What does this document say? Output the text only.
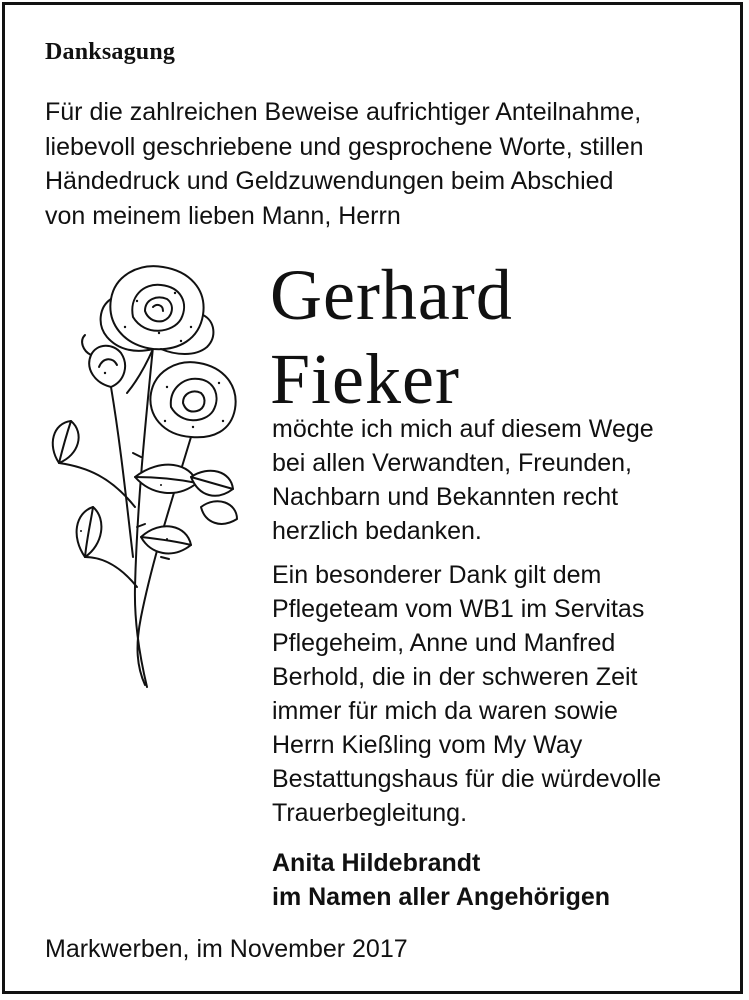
Danksagung
Für die zahlreichen Beweise aufrichtiger Anteilnahme,
liebevoll geschriebene und gesprochene Worte, stillen
Händedruck und Geldzuwendungen beim Abschied
von meinem lieben Mann, Herrn
Gerhard
Fieker
möchte ich mich auf diesem Wege
bei allen Verwandten, Freunden,
Nachbarn und Bekannten recht
herzlich bedanken.
Ein besonderer Dank gilt dem
Pflegeteam vom WB1 im Servitas
Pflegeheim, Anne und Manfred
Berhold, die in der schweren Zeit
immer für mich da waren sowie
Herrn Kießling vom My Way
Bestattungshaus für die würdevolle
Trauerbegleitung.
Anita Hildebrandt
im Namen aller Angehörigen
Markwerben, im November 2017
